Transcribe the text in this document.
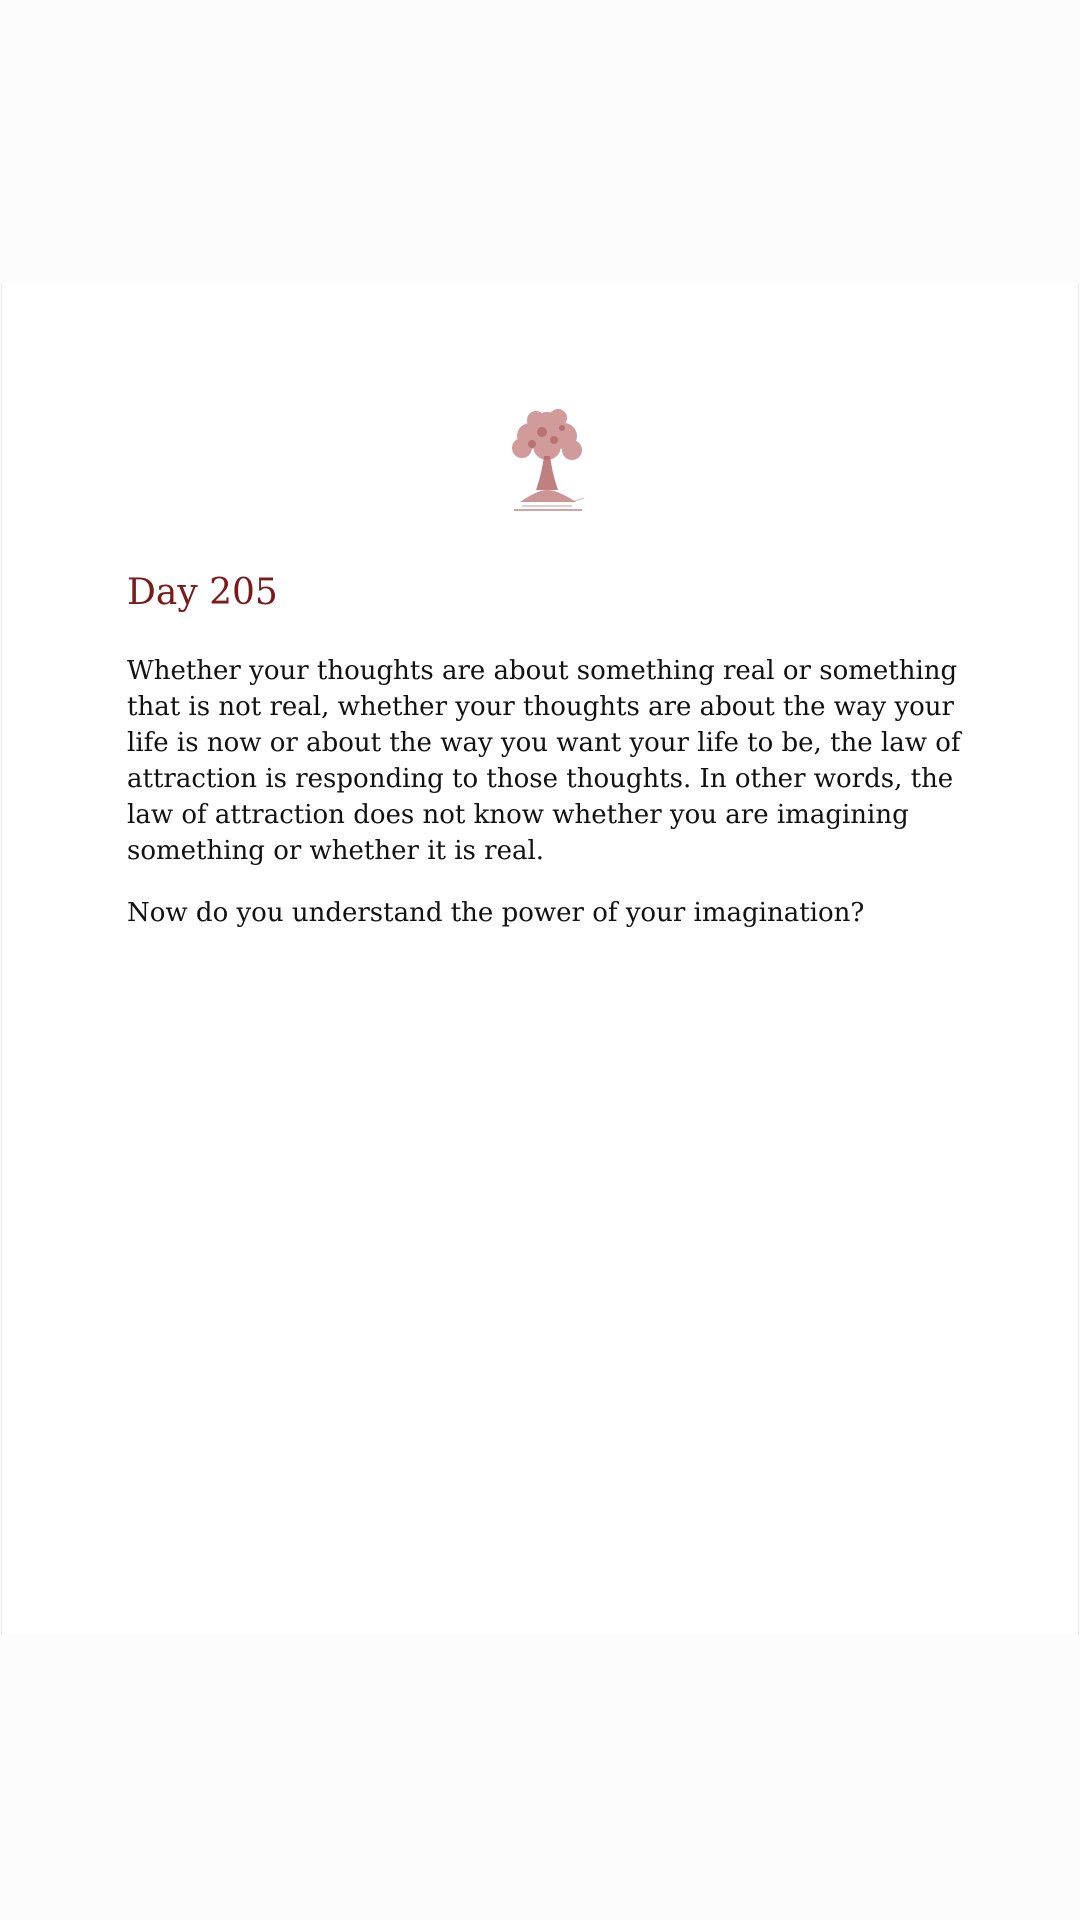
Day 205

Whether your thoughts are about something real or something that is not real, whether your thoughts are about the way your life is now or about the way you want your life to be, the law of attraction is responding to those thoughts. In other words, the law of attraction does not know whether you are imagining something or whether it is real.

Now do you understand the power of your imagination?
